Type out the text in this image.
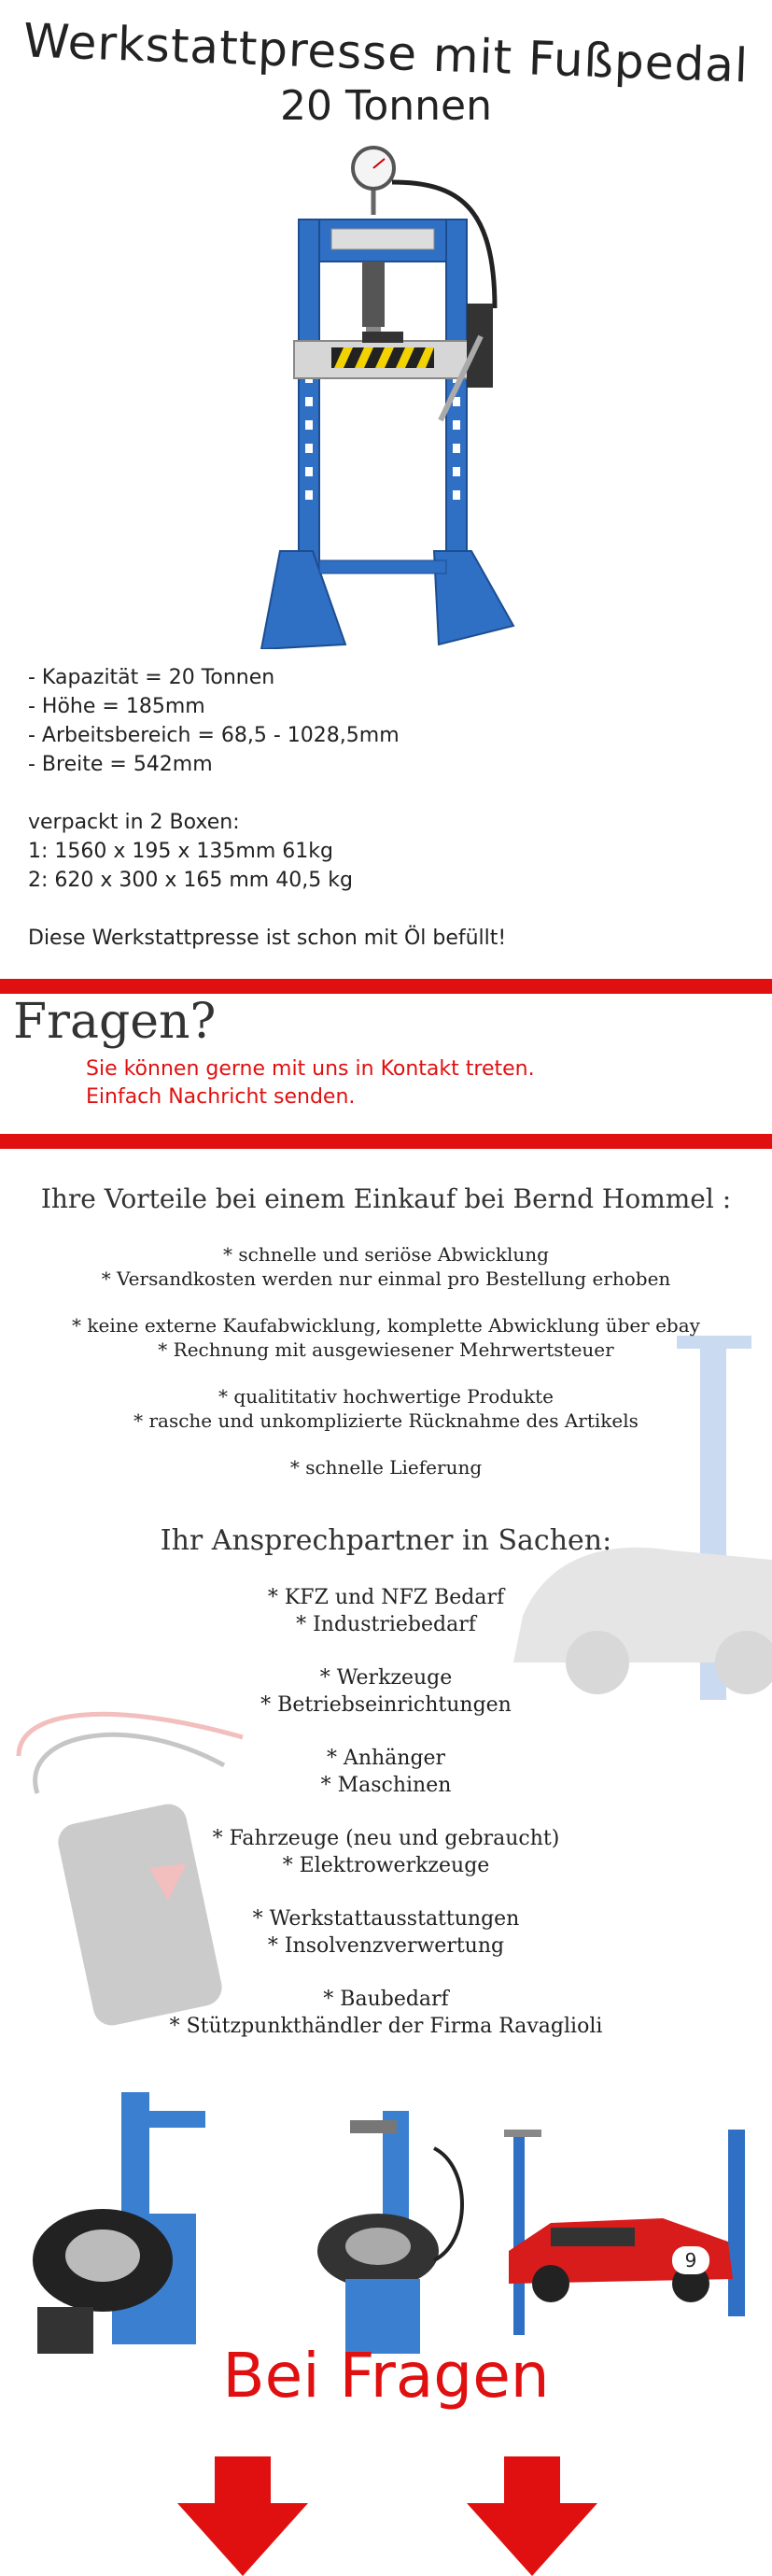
Werkstattpresse mit Fußpedal
20 Tonnen
- Kapazität = 20 Tonnen
- Höhe = 185mm
- Arbeitsbereich = 68,5 - 1028,5mm
- Breite = 542mm

verpackt in 2 Boxen:
1: 1560 x 195 x 135mm 61kg
2: 620 x 300 x 165 mm 40,5 kg

Diese Werkstattpresse ist schon mit Öl befüllt!
Fragen?
Sie können gerne mit uns in Kontakt treten.
Einfach Nachricht senden.
Ihre Vorteile bei einem Einkauf bei Bernd Hommel :
* schnelle und seriöse Abwicklung
* Versandkosten werden nur einmal pro Bestellung erhoben
* keine externe Kaufabwicklung, komplette Abwicklung über ebay
* Rechnung mit ausgewiesener Mehrwertsteuer
* qualititativ hochwertige Produkte
* rasche und unkomplizierte Rücknahme des Artikels
* schnelle Lieferung
Ihr Ansprechpartner in Sachen:
* KFZ und NFZ Bedarf
* Industriebedarf
* Werkzeuge
* Betriebseinrichtungen
* Anhänger
* Maschinen
* Fahrzeuge (neu und gebraucht)
* Elektrowerkzeuge
* Werkstattausstattungen
* Insolvenzverwertung
* Baubedarf
* Stützpunkthändler der Firma Ravaglioli
9
Bei Fragen
